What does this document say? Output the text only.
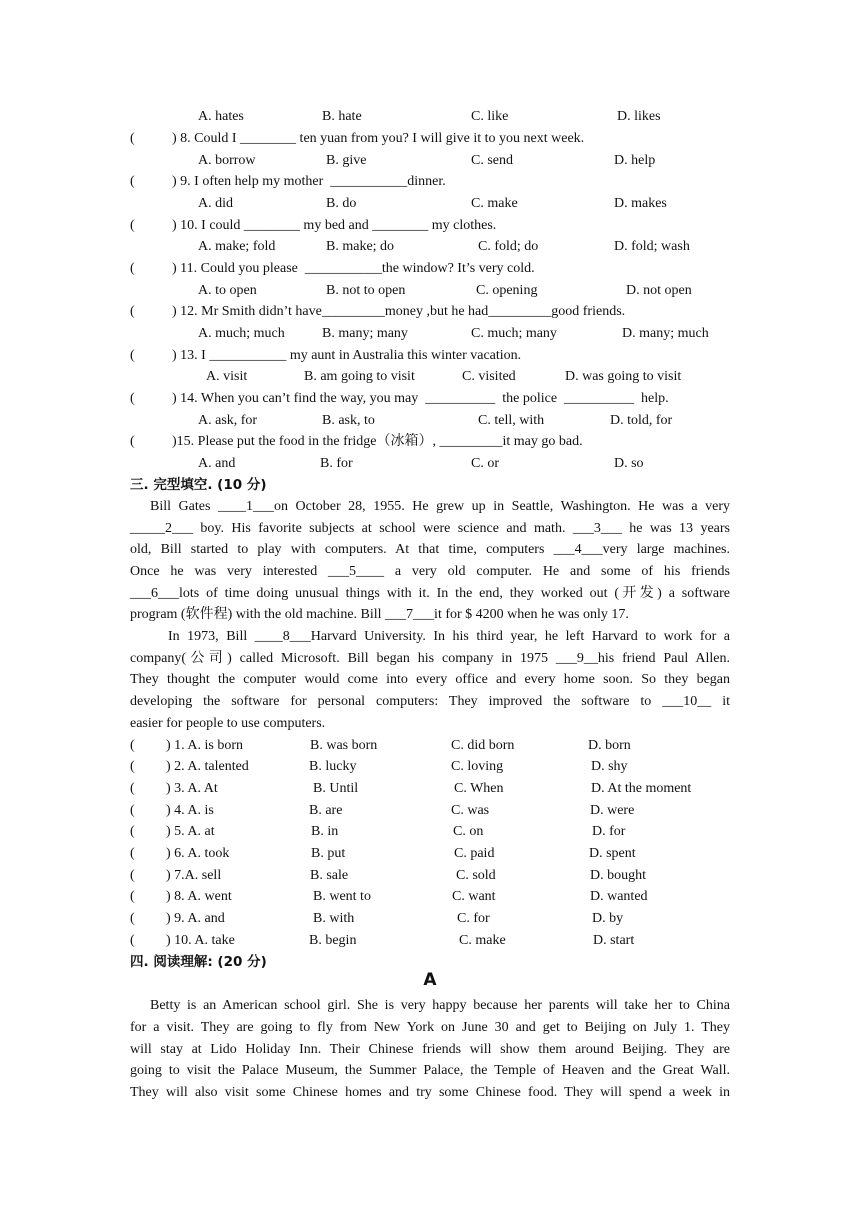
A. hates	B. hate	C. like	D. likes
(	) 8. Could I ________ ten yuan from you? I will give it to you next week.
A. borrow	B. give	C. send	D. help
(	) 9. I often help my mother  ___________dinner.
A. did	B. do	C. make	D. makes
(	) 10. I could ________ my bed and ________ my clothes.
A. make; fold	B. make; do	C. fold; do	D. fold; wash
(	) 11. Could you please  ___________the window? It’s very cold.
A. to open	B. not to open	C. opening	D. not open
(	) 12. Mr Smith didn’t have_________money ,but he had_________good friends.
A. much; much	B. many; many	C. much; many	D. many; much
(	) 13. I ___________ my aunt in Australia this winter vacation.
A. visit	B. am going to visit	C. visited	D. was going to visit
(	) 14. When you can’t find the way, you may  __________  the police  __________  help.
A. ask, for	B. ask, to	C. tell, with	D. told, for
(	)15. Please put the food in the fridge（冰箱）, _________it may go bad.
A. and	B. for	C. or	D. so
三. 完型填空. (10 分)
Bill Gates ____1___on October 28, 1955. He grew up in Seattle, Washington. He was a very
_____2___ boy. His favorite subjects at school were science and math. ___3___ he was 13 years
old, Bill started to play with computers. At that time, computers ___4___very large machines.
Once he was very interested ___5____ a very old computer. He and some of his friends
___6___lots of time doing unusual things with it. In the end, they worked out (开发) a software
program (软件程) with the old machine. Bill ___7___it for $ 4200 when he was only 17.
In 1973, Bill ____8___Harvard University. In his third year, he left Harvard to work for a
company(公司) called Microsoft. Bill began his company in 1975 ___9__his friend Paul Allen.
They thought the computer would come into every office and every home soon. So they began
developing the software for personal computers: They improved the software to ___10__ it
easier for people to use computers.
( ) 1. A. is born	B. was born	C. did born	D. born
( ) 2. A. talented	B. lucky	C. loving	D. shy
( ) 3. A. At	B. Until	C. When	D. At the moment
( ) 4. A. is	B. are	C. was	D. were
( ) 5. A. at	B. in	C. on	D. for
( ) 6. A. took	B. put	C. paid	D. spent
( ) 7.A. sell	B. sale	C. sold	D. bought
( ) 8. A. went	B. went to	C. want	D. wanted
( ) 9. A. and	B. with	C. for	D. by
( ) 10. A. take	B. begin	C. make	D. start
四. 阅读理解: (20 分)
A
Betty is an American school girl. She is very happy because her parents will take her to China
for a visit. They are going to fly from New York on June 30 and get to Beijing on July 1. They
will stay at Lido Holiday Inn. Their Chinese friends will show them around Beijing. They are
going to visit the Palace Museum, the Summer Palace, the Temple of Heaven and the Great Wall.
They will also visit some Chinese homes and try some Chinese food. They will spend a week in
